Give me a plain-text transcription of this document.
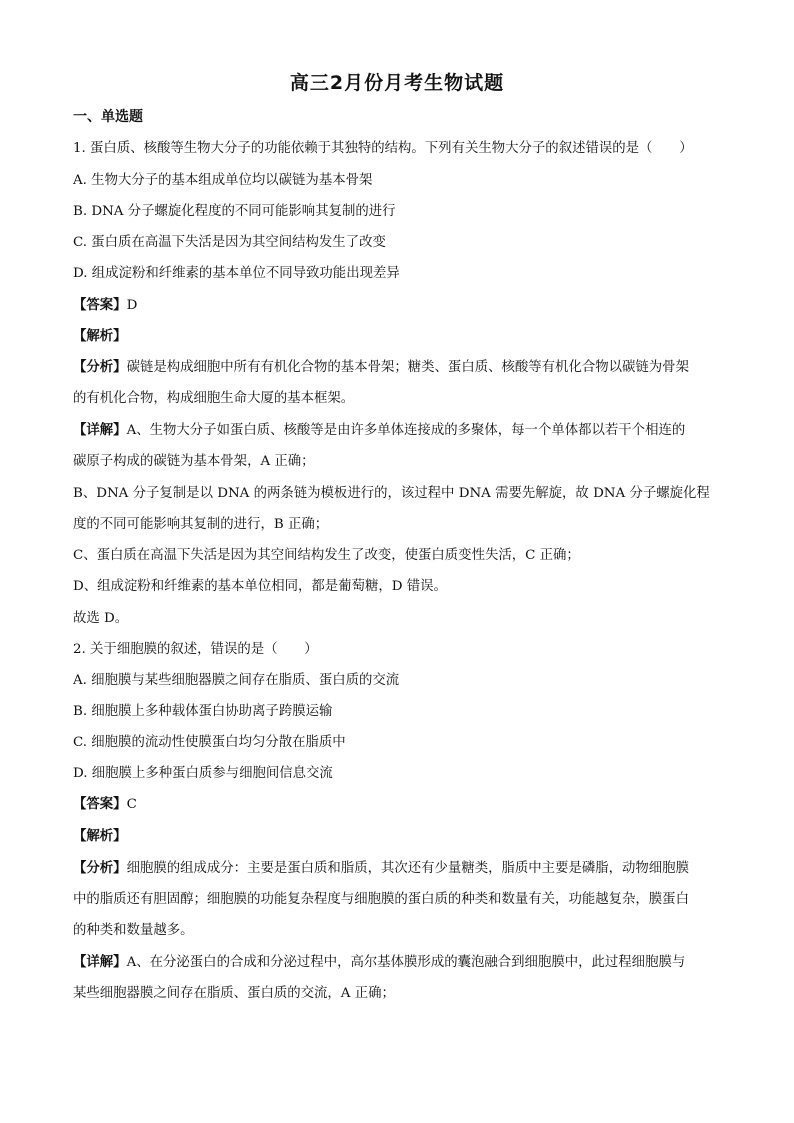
高三2月份月考生物试题
一、单选题
1. 蛋白质、核酸等生物大分子的功能依赖于其独特的结构。下列有关生物大分子的叙述错误的是（　　）
A. 生物大分子的基本组成单位均以碳链为基本骨架
B. DNA 分子螺旋化程度的不同可能影响其复制的进行
C. 蛋白质在高温下失活是因为其空间结构发生了改变
D. 组成淀粉和纤维素的基本单位不同导致功能出现差异
【答案】D
【解析】
【分析】碳链是构成细胞中所有有机化合物的基本骨架；糖类、蛋白质、核酸等有机化合物以碳链为骨架
的有机化合物，构成细胞生命大厦的基本框架。
【详解】A、生物大分子如蛋白质、核酸等是由许多单体连接成的多聚体，每一个单体都以若干个相连的
碳原子构成的碳链为基本骨架，A 正确；
B、DNA 分子复制是以 DNA 的两条链为模板进行的，该过程中 DNA 需要先解旋，故 DNA 分子螺旋化程
度的不同可能影响其复制的进行，B 正确；
C、蛋白质在高温下失活是因为其空间结构发生了改变，使蛋白质变性失活，C 正确；
D、组成淀粉和纤维素的基本单位相同，都是葡萄糖，D 错误。
故选 D。
2. 关于细胞膜的叙述，错误的是（　　）
A. 细胞膜与某些细胞器膜之间存在脂质、蛋白质的交流
B. 细胞膜上多种载体蛋白协助离子跨膜运输
C. 细胞膜的流动性使膜蛋白均匀分散在脂质中
D. 细胞膜上多种蛋白质参与细胞间信息交流
【答案】C
【解析】
【分析】细胞膜的组成成分：主要是蛋白质和脂质，其次还有少量糖类，脂质中主要是磷脂，动物细胞膜
中的脂质还有胆固醇；细胞膜的功能复杂程度与细胞膜的蛋白质的种类和数量有关，功能越复杂，膜蛋白
的种类和数量越多。
【详解】A、在分泌蛋白的合成和分泌过程中，高尔基体膜形成的囊泡融合到细胞膜中，此过程细胞膜与
某些细胞器膜之间存在脂质、蛋白质的交流，A 正确；
